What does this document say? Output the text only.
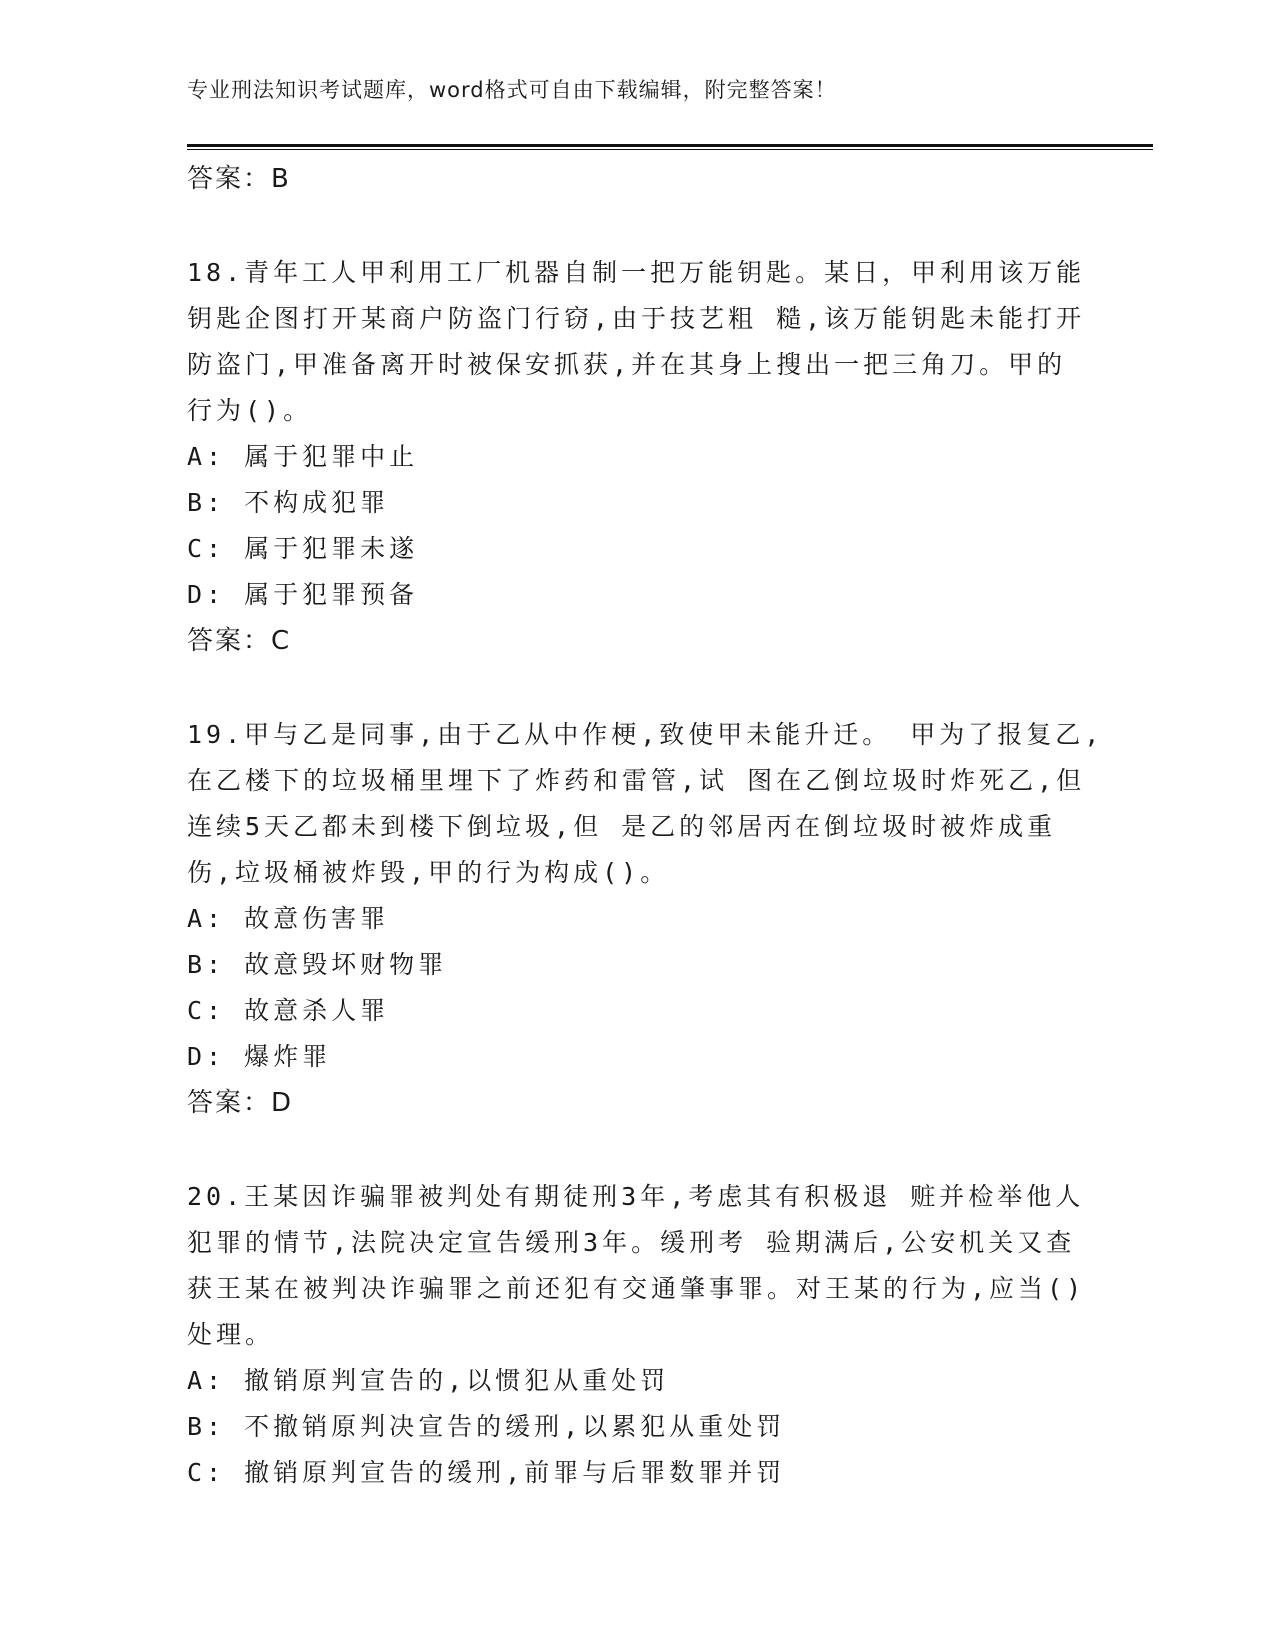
专业刑法知识考试题库，word格式可自由下载编辑，附完整答案！
答案：B

18.青年工人甲利用工厂机器自制一把万能钥匙。某日，甲利用该万能
钥匙企图打开某商户防盗门行窃,由于技艺粗 糙,该万能钥匙未能打开
防盗门,甲准备离开时被保安抓获,并在其身上搜出一把三角刀。甲的
行为()。

A: 属于犯罪中止
B: 不构成犯罪
C: 属于犯罪未遂
D: 属于犯罪预备
答案：C

19.甲与乙是同事,由于乙从中作梗,致使甲未能升迁。 甲为了报复乙,
在乙楼下的垃圾桶里埋下了炸药和雷管,试 图在乙倒垃圾时炸死乙,但
连续5天乙都未到楼下倒垃圾,但 是乙的邻居丙在倒垃圾时被炸成重
伤,垃圾桶被炸毁,甲的行为构成()。

A: 故意伤害罪
B: 故意毁坏财物罪
C: 故意杀人罪
D: 爆炸罪
答案：D

20.王某因诈骗罪被判处有期徒刑3年,考虑其有积极退 赃并检举他人
犯罪的情节,法院决定宣告缓刑3年。缓刑考 验期满后,公安机关又查
获王某在被判决诈骗罪之前还犯有交通肇事罪。对王某的行为,应当()
处理。

A: 撤销原判宣告的,以惯犯从重处罚
B: 不撤销原判决宣告的缓刑,以累犯从重处罚
C: 撤销原判宣告的缓刑,前罪与后罪数罪并罚
